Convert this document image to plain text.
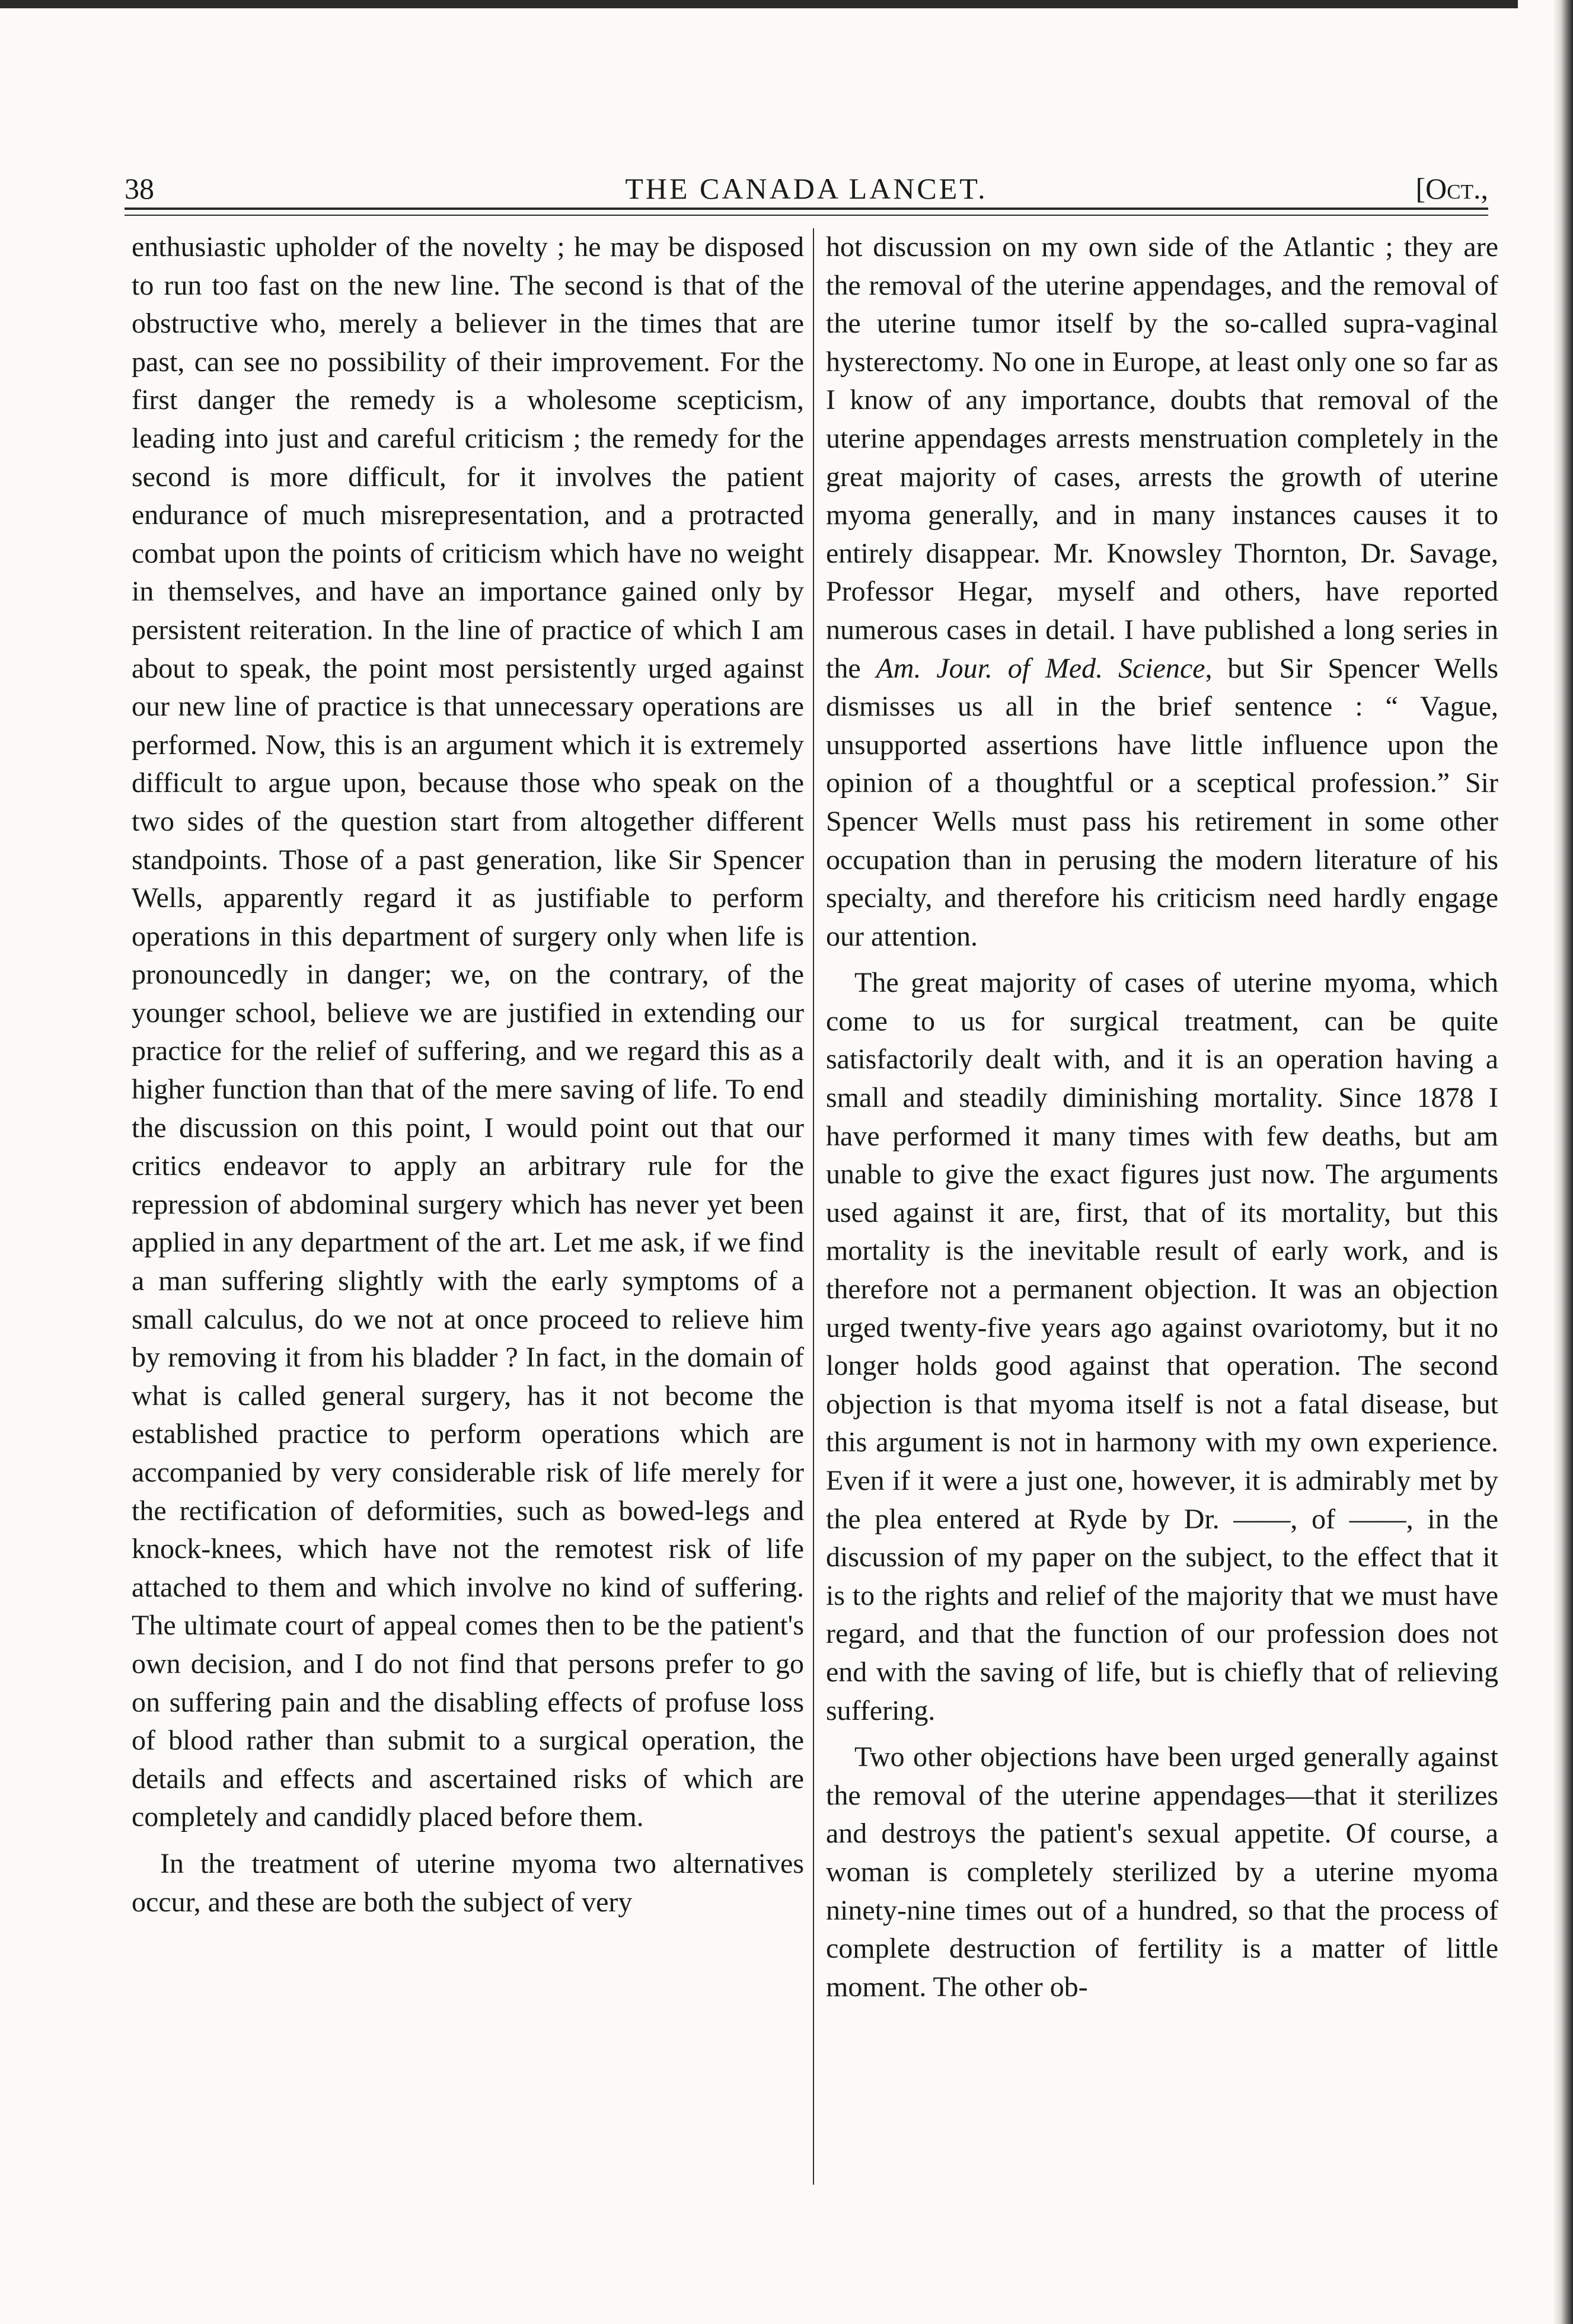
38	THE CANADA LANCET.	[Oct.,

enthusiastic upholder of the novelty ; he may be disposed to run too fast on the new line. The second is that of the obstructive who, merely a believer in the times that are past, can see no possibility of their improvement. For the first danger the remedy is a wholesome scepticism, leading into just and careful criticism ; the remedy for the second is more difficult, for it involves the patient endurance of much misrepresentation, and a protracted combat upon the points of criticism which have no weight in themselves, and have an importance gained only by persistent reiteration. In the line of practice of which I am about to speak, the point most persistently urged against our new line of practice is that unnecessary operations are performed. Now, this is an argument which it is extremely difficult to argue upon, because those who speak on the two sides of the question start from altogether different standpoints. Those of a past generation, like Sir Spencer Wells, apparently regard it as justifiable to perform operations in this department of surgery only when life is pronouncedly in danger; we, on the contrary, of the younger school, believe we are justified in extending our practice for the relief of suffering, and we regard this as a higher function than that of the mere saving of life. To end the discussion on this point, I would point out that our critics endeavor to apply an arbitrary rule for the repression of abdominal surgery which has never yet been applied in any department of the art. Let me ask, if we find a man suffering slightly with the early symptoms of a small calculus, do we not at once proceed to relieve him by removing it from his bladder ? In fact, in the domain of what is called general surgery, has it not become the established practice to perform operations which are accompanied by very considerable risk of life merely for the rectification of deformities, such as bowed-legs and knock-knees, which have not the remotest risk of life attached to them and which involve no kind of suffering. The ultimate court of appeal comes then to be the patient's own decision, and I do not find that persons prefer to go on suffering pain and the disabling effects of profuse loss of blood rather than submit to a surgical operation, the details and effects and ascertained risks of which are completely and candidly placed before them.

In the treatment of uterine myoma two alternatives occur, and these are both the subject of very

hot discussion on my own side of the Atlantic ; they are the removal of the uterine appendages, and the removal of the uterine tumor itself by the so-called supra-vaginal hysterectomy. No one in Europe, at least only one so far as I know of any importance, doubts that removal of the uterine appendages arrests menstruation completely in the great majority of cases, arrests the growth of uterine myoma generally, and in many instances causes it to entirely disappear. Mr. Knowsley Thornton, Dr. Savage, Professor Hegar, myself and others, have reported numerous cases in detail. I have published a long series in the Am. Jour. of Med. Science, but Sir Spencer Wells dismisses us all in the brief sentence : “ Vague, unsupported assertions have little influence upon the opinion of a thoughtful or a sceptical profession.” Sir Spencer Wells must pass his retirement in some other occupation than in perusing the modern literature of his specialty, and therefore his criticism need hardly engage our attention.

The great majority of cases of uterine myoma, which come to us for surgical treatment, can be quite satisfactorily dealt with, and it is an operation having a small and steadily diminishing mortality. Since 1878 I have performed it many times with few deaths, but am unable to give the exact figures just now. The arguments used against it are, first, that of its mortality, but this mortality is the inevitable result of early work, and is therefore not a permanent objection. It was an objection urged twenty-five years ago against ovariotomy, but it no longer holds good against that operation. The second objection is that myoma itself is not a fatal disease, but this argument is not in harmony with my own experience. Even if it were a just one, however, it is admirably met by the plea entered at Ryde by Dr. ——, of ——, in the discussion of my paper on the subject, to the effect that it is to the rights and relief of the majority that we must have regard, and that the function of our profession does not end with the saving of life, but is chiefly that of relieving suffering.

Two other objections have been urged generally against the removal of the uterine appendages—that it sterilizes and destroys the patient's sexual appetite. Of course, a woman is completely sterilized by a uterine myoma ninety-nine times out of a hundred, so that the process of complete destruction of fertility is a matter of little moment. The other ob-
